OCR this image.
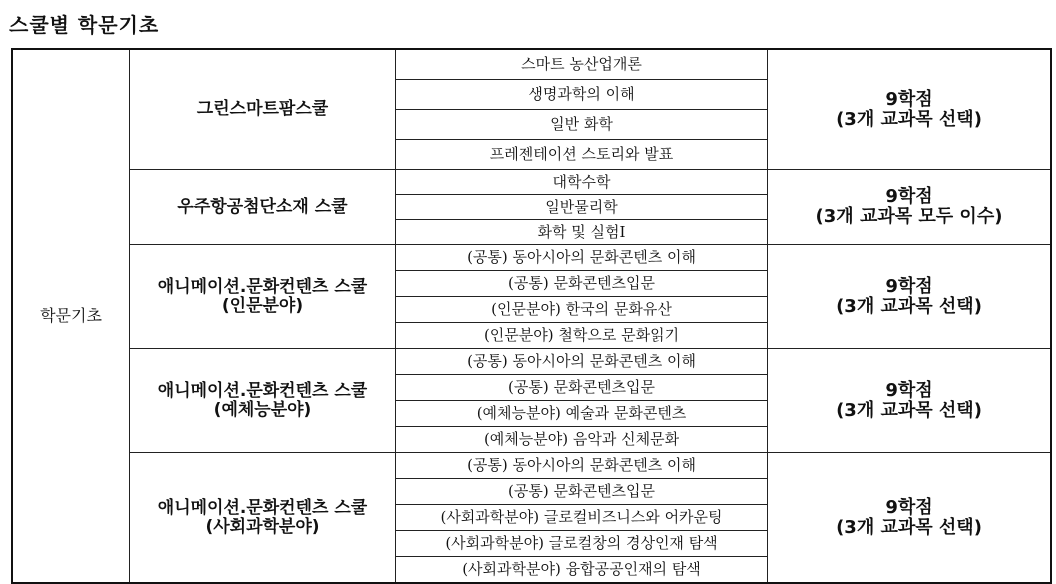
스쿨별 학문기초
학문기초	그린스마트팜스쿨	스마트 농산업개론	9학점
(3개 교과목 선택)

		생명과학의 이해	
		일반 화학	
		프레젠테이션 스토리와 발표	

	우주항공첨단소재 스쿨	대학수학	9학점
(3개 교과목 모두 이수)

		일반물리학	
		화학 및 실험I	

	애니메이션.문화컨텐츠 스쿨
(인문분야)	(공통) 동아시아의 문화콘텐츠 이해	9학점
(3개 교과목 선택)

		(공통) 문화콘텐츠입문	
		(인문분야) 한국의 문화유산	
		(인문분야) 철학으로 문화읽기	

	애니메이션.문화컨텐츠 스쿨
(예체능분야)	(공통) 동아시아의 문화콘텐츠 이해	9학점
(3개 교과목 선택)

		(공통) 문화콘텐츠입문	
		(예체능분야) 예술과 문화콘텐츠	
		(예체능분야) 음악과 신체문화	

	애니메이션.문화컨텐츠 스쿨
(사회과학분야)	(공통) 동아시아의 문화콘텐츠 이해	9학점
(3개 교과목 선택)

		(공통) 문화콘텐츠입문	
		(사회과학분야) 글로컬비즈니스와 어카운팅	
		(사회과학분야) 글로컬창의 경상인재 탐색	
		(사회과학분야) 융합공공인재의 탐색	
